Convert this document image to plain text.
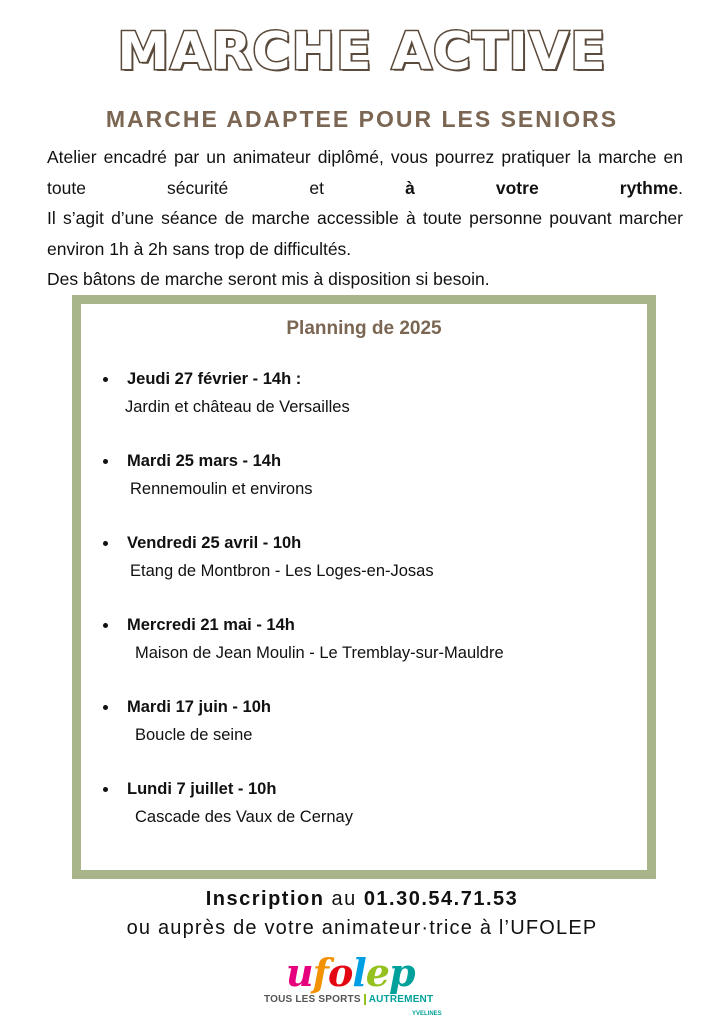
MARCHE ACTIVE
MARCHE ADAPTEE POUR LES SENIORS

Atelier encadré par un animateur diplômé, vous pourrez pratiquer la marche en toute sécurité et à votre rythme.

Il s’agit d’une séance de marche accessible à toute personne pouvant marcher environ 1h à 2h sans trop de difficultés.

Des bâtons de marche seront mis à disposition si besoin.

Planning de 2025
Jeudi 27 février - 14h :
Jardin et château de Versailles
Mardi 25 mars - 14h
Rennemoulin et environs
Vendredi 25 avril - 10h
Etang de Montbron - Les Loges-en-Josas
Mercredi 21 mai - 14h
Maison de Jean Moulin - Le Tremblay-sur-Mauldre
Mardi 17 juin - 10h
Boucle de seine
Lundi 7 juillet - 10h
Cascade des Vaux de Cernay
Inscription au 01.30.54.71.53
ou auprès de votre animateur·trice à l’UFOLEP
ufolep
TOUS LES SPORTS AUTREMENT
YVELINES
